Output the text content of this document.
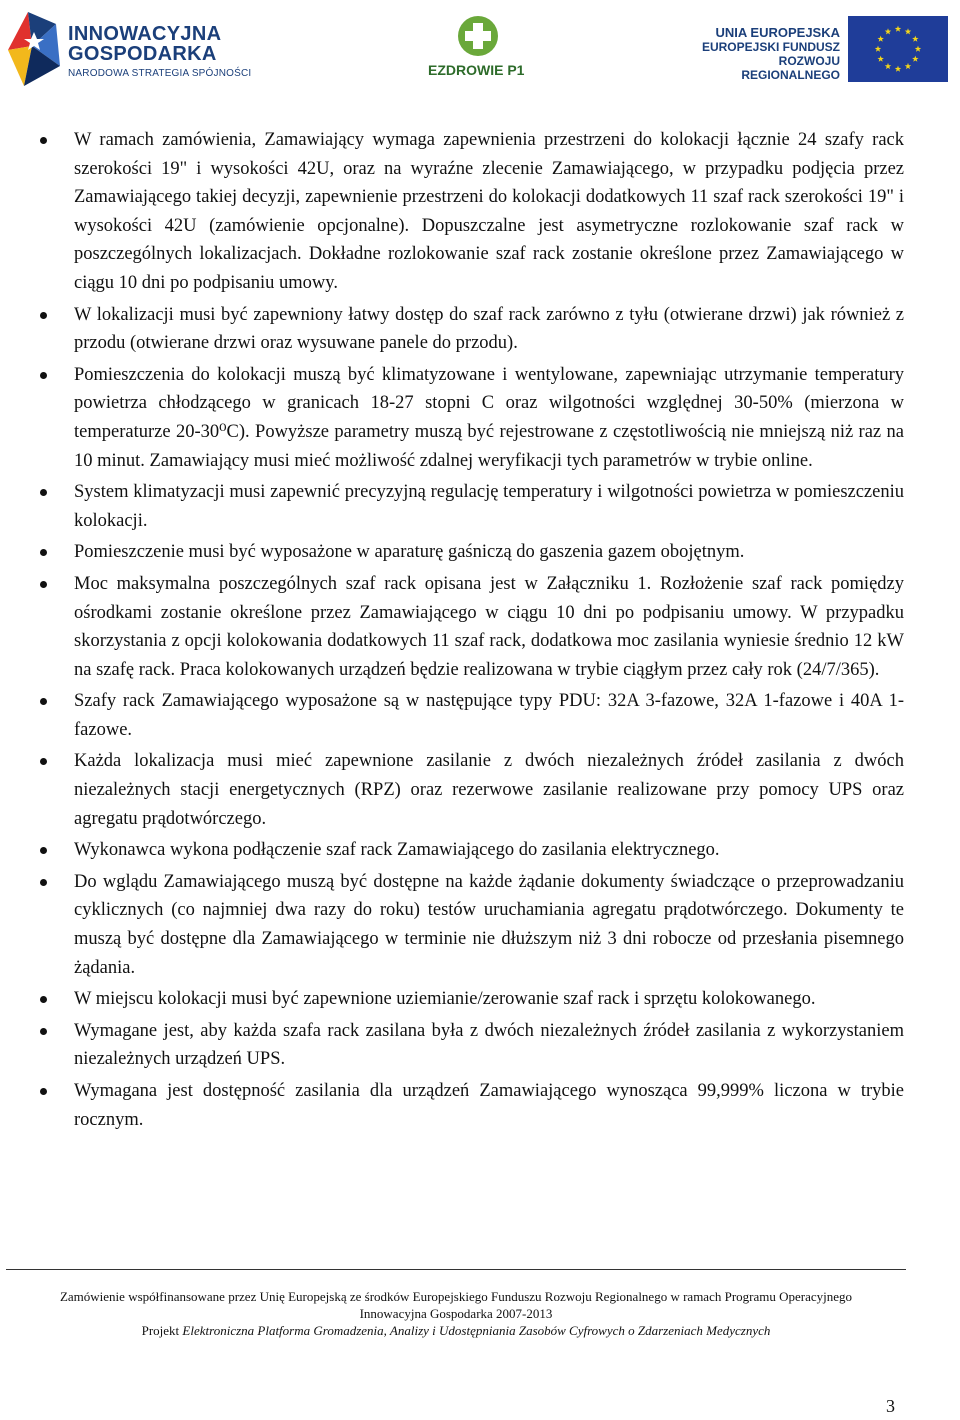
INNOWACYJNA
GOSPODARKA
NARODOWA STRATEGIA SPÓJNOŚCI	EZDROWIE P1
UNIA EUROPEJSKA
EUROPEJSKI FUNDUSZ
ROZWOJU REGIONALNEGO
W ramach zamówienia, Zamawiający wymaga zapewnienia przestrzeni do kolokacji łącznie 24 szafy rack szerokości 19" i wysokości 42U, oraz na wyraźne zlecenie Zamawiającego, w przypadku podjęcia przez Zamawiającego takiej decyzji, zapewnienie przestrzeni do kolokacji dodatkowych 11 szaf rack szerokości 19" i wysokości 42U (zamówienie opcjonalne). Dopuszczalne jest asymetryczne rozlokowanie szaf rack w poszczególnych lokalizacjach. Dokładne rozlokowanie szaf rack zostanie określone przez Zamawiającego w ciągu 10 dni po podpisaniu umowy.
W lokalizacji musi być zapewniony łatwy dostęp do szaf rack zarówno z tyłu (otwierane drzwi) jak również z przodu (otwierane drzwi oraz wysuwane panele do przodu).
Pomieszczenia do kolokacji muszą być klimatyzowane i wentylowane, zapewniając utrzymanie temperatury powietrza chłodzącego w granicach 18-27 stopni C oraz wilgotności względnej 30-50% (mierzona w temperaturze 20-30⁰C). Powyższe parametry muszą być rejestrowane z częstotliwością nie mniejszą niż raz na 10 minut. Zamawiający musi mieć możliwość zdalnej weryfikacji tych parametrów w trybie online.
System klimatyzacji musi zapewnić precyzyjną regulację temperatury i wilgotności powietrza w pomieszczeniu kolokacji.
Pomieszczenie musi być wyposażone w aparaturę gaśniczą do gaszenia gazem obojętnym.
Moc maksymalna poszczególnych szaf rack opisana jest w Załączniku 1. Rozłożenie szaf rack pomiędzy ośrodkami zostanie określone przez Zamawiającego w ciągu 10 dni po podpisaniu umowy. W przypadku skorzystania z opcji kolokowania dodatkowych 11 szaf rack, dodatkowa moc zasilania wyniesie średnio 12 kW na szafę rack. Praca kolokowanych urządzeń będzie realizowana w trybie ciągłym przez cały rok (24/7/365).
Szafy rack Zamawiającego wyposażone są w następujące typy PDU: 32A 3-fazowe, 32A 1-fazowe i 40A 1-fazowe.
Każda lokalizacja musi mieć zapewnione zasilanie z dwóch niezależnych źródeł zasilania z dwóch niezależnych stacji energetycznych (RPZ) oraz rezerwowe zasilanie realizowane przy pomocy UPS oraz agregatu prądotwórczego.
Wykonawca wykona podłączenie szaf rack Zamawiającego do zasilania elektrycznego.
Do wglądu Zamawiającego muszą być dostępne na każde żądanie dokumenty świadczące o przeprowadzaniu cyklicznych (co najmniej dwa razy do roku) testów uruchamiania agregatu prądotwórczego. Dokumenty te muszą być dostępne dla Zamawiającego w terminie nie dłuższym niż 3 dni robocze od przesłania pisemnego żądania.
W miejscu kolokacji musi być zapewnione uziemianie/zerowanie szaf rack i sprzętu kolokowanego.
Wymagane jest, aby każda szafa rack zasilana była z dwóch niezależnych źródeł zasilania z wykorzystaniem niezależnych urządzeń UPS.
Wymagana jest dostępność zasilania dla urządzeń Zamawiającego wynosząca 99,999% liczona w trybie rocznym.
Zamówienie współfinansowane przez Unię Europejską ze środków Europejskiego Funduszu Rozwoju Regionalnego w ramach Programu Operacyjnego
Innowacyjna Gospodarka 2007-2013
Projekt Elektroniczna Platforma Gromadzenia, Analizy i Udostępniania Zasobów Cyfrowych o Zdarzeniach Medycznych
3
